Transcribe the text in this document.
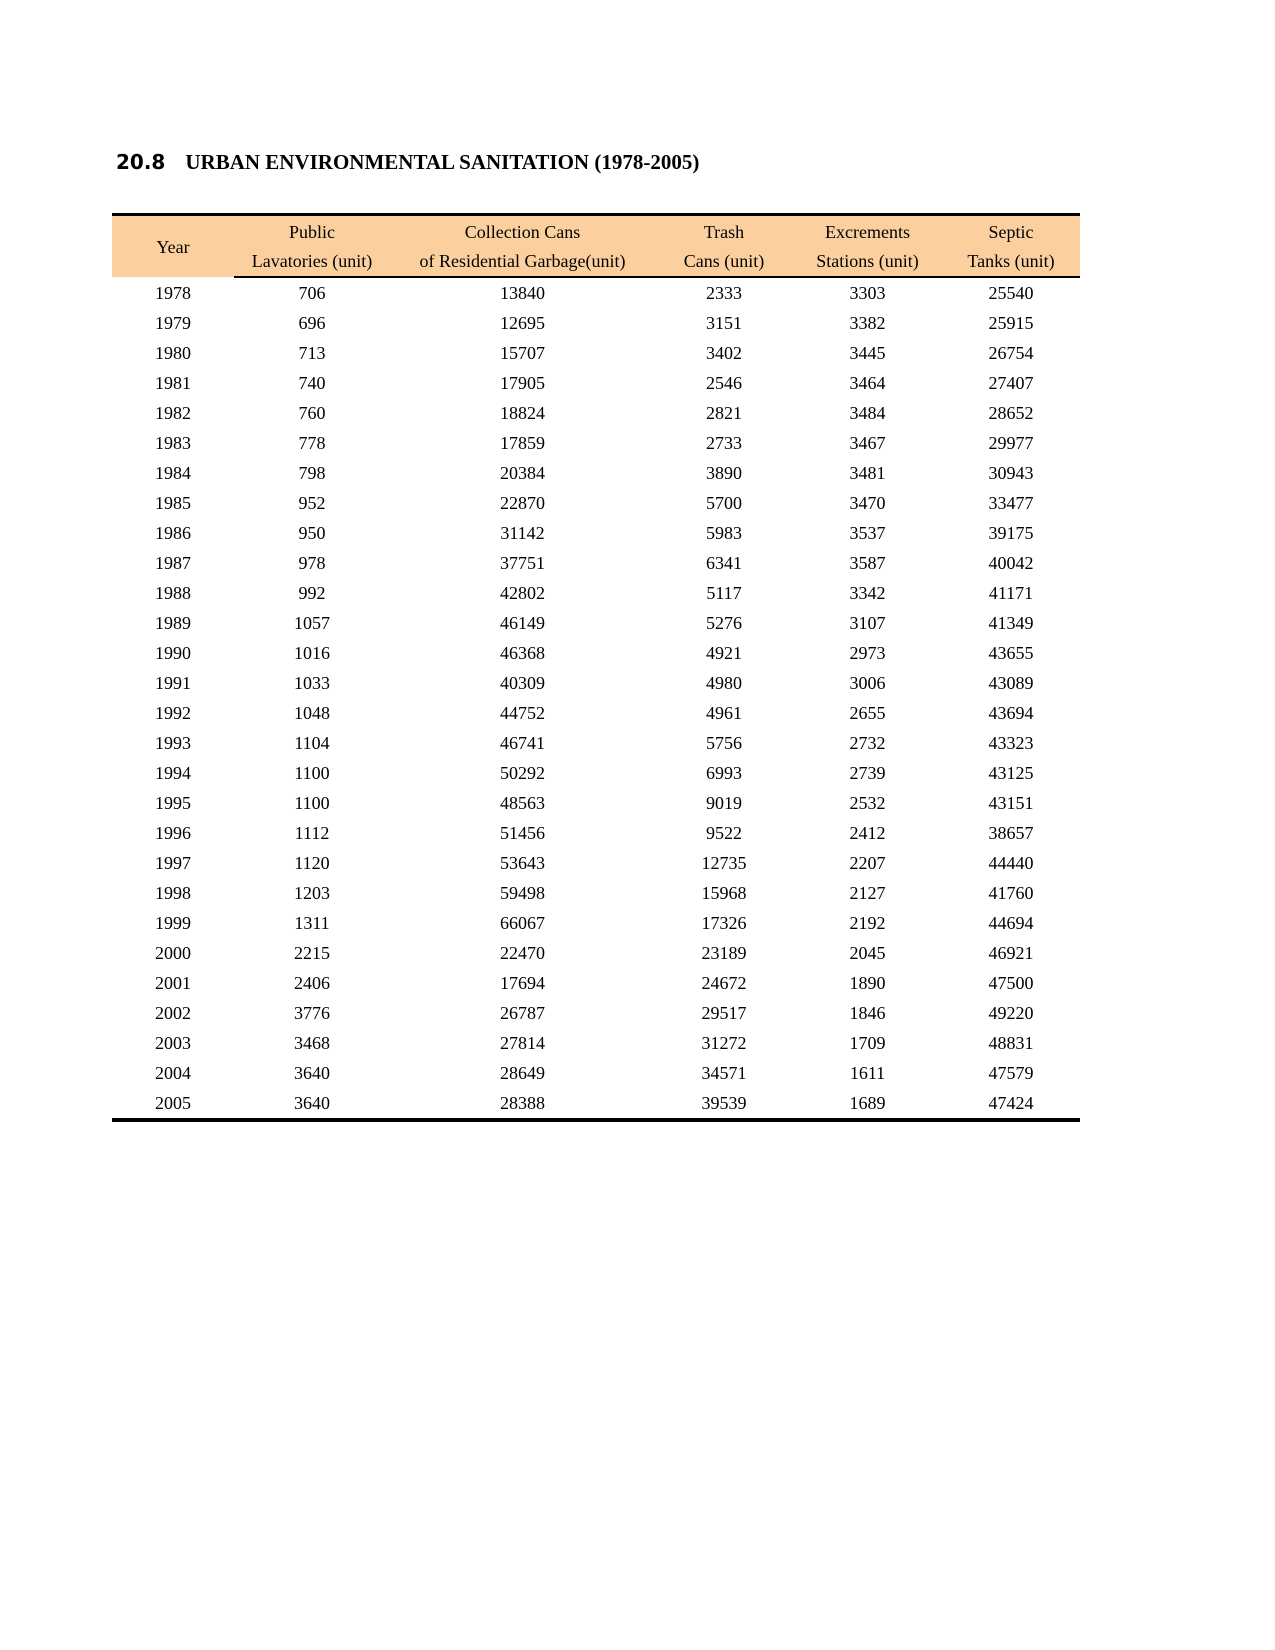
20.8 URBAN ENVIRONMENTAL SANITATION (1978-2005)
Year	Public	Collection Cans	Trash	Excrements	Septic
	Lavatories (unit)	of Residential Garbage(unit)	Cans (unit)	Stations (unit)	Tanks (unit)
1978	706	13840	2333	3303	25540
1979	696	12695	3151	3382	25915
1980	713	15707	3402	3445	26754
1981	740	17905	2546	3464	27407
1982	760	18824	2821	3484	28652
1983	778	17859	2733	3467	29977
1984	798	20384	3890	3481	30943
1985	952	22870	5700	3470	33477
1986	950	31142	5983	3537	39175
1987	978	37751	6341	3587	40042
1988	992	42802	5117	3342	41171
1989	1057	46149	5276	3107	41349
1990	1016	46368	4921	2973	43655
1991	1033	40309	4980	3006	43089
1992	1048	44752	4961	2655	43694
1993	1104	46741	5756	2732	43323
1994	1100	50292	6993	2739	43125
1995	1100	48563	9019	2532	43151
1996	1112	51456	9522	2412	38657
1997	1120	53643	12735	2207	44440
1998	1203	59498	15968	2127	41760
1999	1311	66067	17326	2192	44694
2000	2215	22470	23189	2045	46921
2001	2406	17694	24672	1890	47500
2002	3776	26787	29517	1846	49220
2003	3468	27814	31272	1709	48831
2004	3640	28649	34571	1611	47579
2005	3640	28388	39539	1689	47424
